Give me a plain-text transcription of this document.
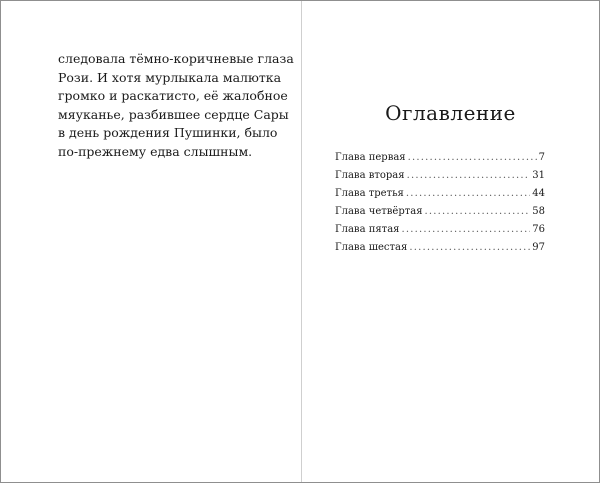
следовала тёмно-коричневые глаза
Рози. И хотя мурлыкала малютка
громко и раскатисто, её жалобное
мяуканье, разбившее сердце Сары
в день рождения Пушинки, было
по-прежнему едва слышным.

Оглавление
Глава первая .....	7
Глава вторая .....	31
Глава третья .....	44
Глава четвёртая .....	58
Глава пятая .....	76
Глава шестая .....	97
